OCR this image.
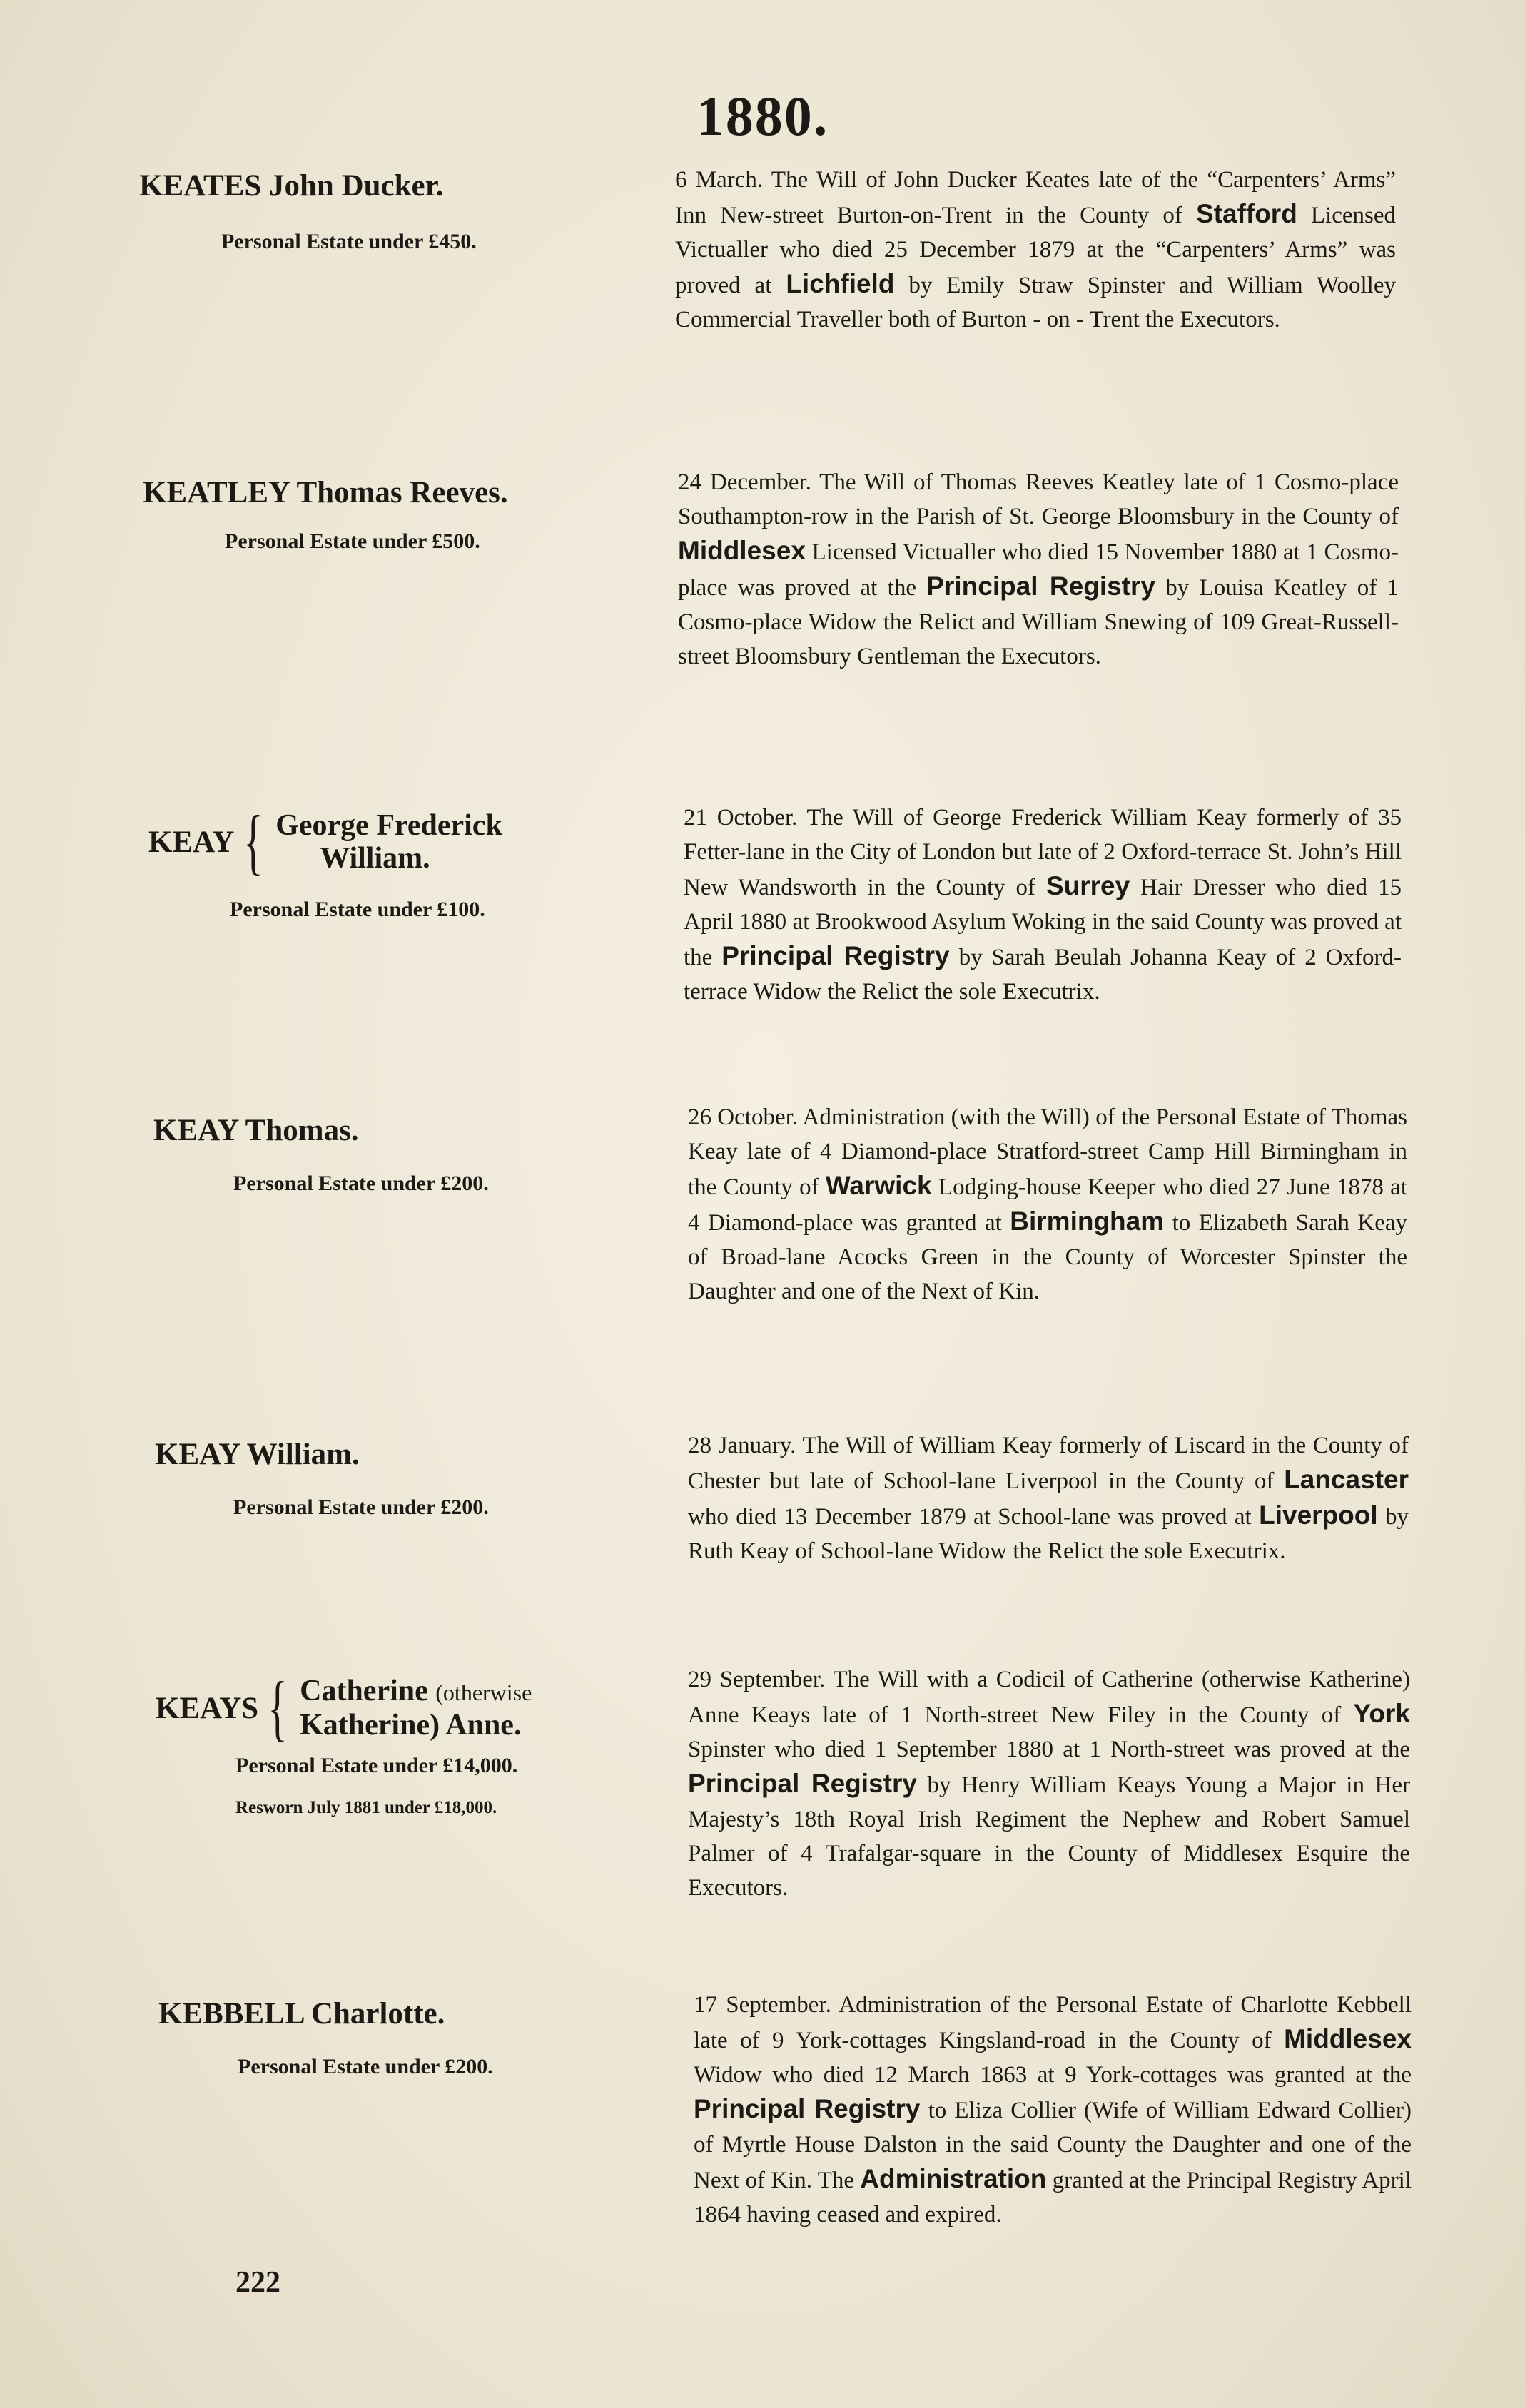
1880.
KEATES John Ducker.
Personal Estate under £450.
6 March. The Will of John Ducker Keates late of the “Carpenters’ Arms” Inn New-street Burton-on-Trent in the County of Stafford Licensed Victualler who died 25 December 1879 at the “Carpenters’ Arms” was proved at Lichfield by Emily Straw Spinster and William Woolley Commercial Traveller both of Burton - on - Trent the Executors.
KEATLEY Thomas Reeves.
Personal Estate under £500.
24 December. The Will of Thomas Reeves Keatley late of 1 Cosmo-place Southampton-row in the Parish of St. George Bloomsbury in the County of Middlesex Licensed Victualler who died 15 November 1880 at 1 Cosmo-place was proved at the Principal Registry by Louisa Keatley of 1 Cosmo-place Widow the Relict and William Snewing of 109 Great-Russell-street Bloomsbury Gentleman the Executors.
KEAY { George Frederick
William.
Personal Estate under £100.
21 October. The Will of George Frederick William Keay formerly of 35 Fetter-lane in the City of London but late of 2 Oxford-terrace St. John’s Hill New Wandsworth in the County of Surrey Hair Dresser who died 15 April 1880 at Brookwood Asylum Woking in the said County was proved at the Principal Registry by Sarah Beulah Johanna Keay of 2 Oxford-terrace Widow the Relict the sole Executrix.
KEAY Thomas.
Personal Estate under £200.
26 October. Administration (with the Will) of the Personal Estate of Thomas Keay late of 4 Diamond-place Stratford-street Camp Hill Birmingham in the County of Warwick Lodging-house Keeper who died 27 June 1878 at 4 Diamond-place was granted at Birmingham to Elizabeth Sarah Keay of Broad-lane Acocks Green in the County of Worcester Spinster the Daughter and one of the Next of Kin.
KEAY William.
Personal Estate under £200.
28 January. The Will of William Keay formerly of Liscard in the County of Chester but late of School-lane Liverpool in the County of Lancaster who died 13 December 1879 at School-lane was proved at Liverpool by Ruth Keay of School-lane Widow the Relict the sole Executrix.
KEAYS { Catherine (otherwise
Katherine) Anne.
Personal Estate under £14,000.
Resworn July 1881 under £18,000.
29 September. The Will with a Codicil of Catherine (otherwise Katherine) Anne Keays late of 1 North-street New Filey in the County of York Spinster who died 1 September 1880 at 1 North-street was proved at the Principal Registry by Henry William Keays Young a Major in Her Majesty’s 18th Royal Irish Regiment the Nephew and Robert Samuel Palmer of 4 Trafalgar-square in the County of Middlesex Esquire the Executors.
KEBBELL Charlotte.
Personal Estate under £200.
17 September. Administration of the Personal Estate of Charlotte Kebbell late of 9 York-cottages Kingsland-road in the County of Middlesex Widow who died 12 March 1863 at 9 York-cottages was granted at the Principal Registry to Eliza Collier (Wife of William Edward Collier) of Myrtle House Dalston in the said County the Daughter and one of the Next of Kin. The Administration granted at the Principal Registry April 1864 having ceased and expired.
222
